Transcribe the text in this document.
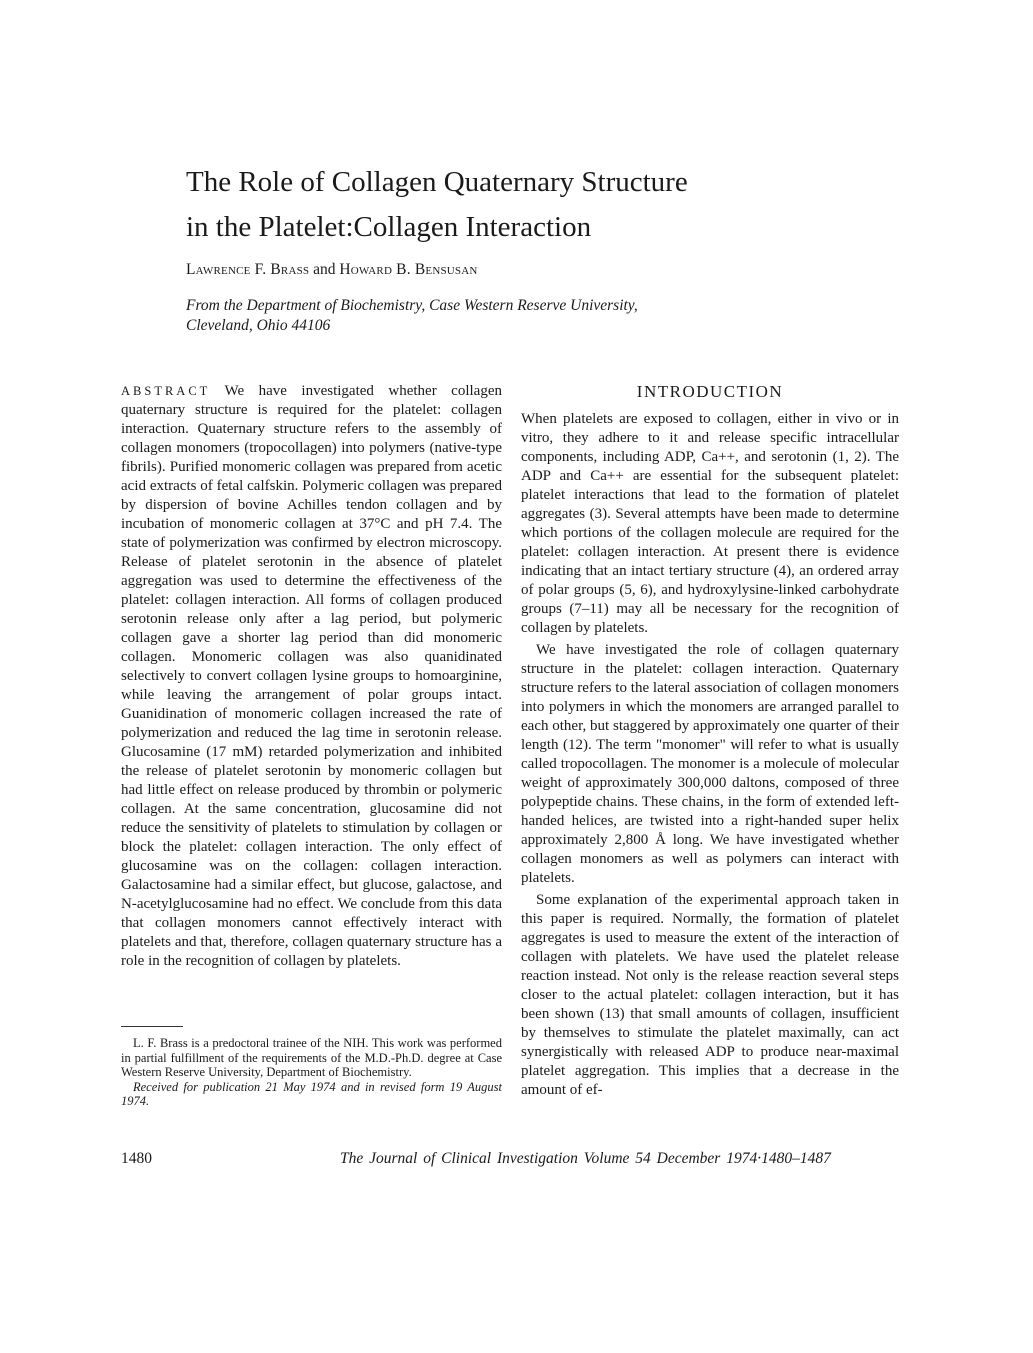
The Role of Collagen Quaternary Structure
in the Platelet:Collagen Interaction
Lawrence F. Brass and Howard B. Bensusan
From the Department of Biochemistry, Case Western Reserve University,
Cleveland, Ohio 44106

ABSTRACT We have investigated whether collagen quaternary structure is required for the platelet: collagen interaction. Quaternary structure refers to the assembly of collagen monomers (tropocollagen) into polymers (native-type fibrils). Purified monomeric collagen was prepared from acetic acid extracts of fetal calfskin. Polymeric collagen was prepared by dispersion of bovine Achilles tendon collagen and by incubation of monomeric collagen at 37°C and pH 7.4. The state of polymerization was confirmed by electron microscopy. Release of platelet serotonin in the absence of platelet aggregation was used to determine the effectiveness of the platelet: collagen interaction. All forms of collagen produced serotonin release only after a lag period, but polymeric collagen gave a shorter lag period than did monomeric collagen. Monomeric collagen was also quanidinated selectively to convert collagen lysine groups to homoarginine, while leaving the arrangement of polar groups intact. Guanidination of monomeric collagen increased the rate of polymerization and reduced the lag time in serotonin release. Glucosamine (17 mM) retarded polymerization and inhibited the release of platelet serotonin by monomeric collagen but had little effect on release produced by thrombin or polymeric collagen. At the same concentration, glucosamine did not reduce the sensitivity of platelets to stimulation by collagen or block the platelet: collagen interaction. The only effect of glucosamine was on the collagen: collagen interaction. Galactosamine had a similar effect, but glucose, galactose, and N-acetylglucosamine had no effect. We conclude from this data that collagen monomers cannot effectively interact with platelets and that, therefore, collagen quaternary structure has a role in the recognition of collagen by platelets.

L. F. Brass is a predoctoral trainee of the NIH. This work was performed in partial fulfillment of the requirements of the M.D.-Ph.D. degree at Case Western Reserve University, Department of Biochemistry.

Received for publication 21 May 1974 and in revised form 19 August 1974.

INTRODUCTION

When platelets are exposed to collagen, either in vivo or in vitro, they adhere to it and release specific intracellular components, including ADP, Ca++, and serotonin (1, 2). The ADP and Ca++ are essential for the subsequent platelet: platelet interactions that lead to the formation of platelet aggregates (3). Several attempts have been made to determine which portions of the collagen molecule are required for the platelet: collagen interaction. At present there is evidence indicating that an intact tertiary structure (4), an ordered array of polar groups (5, 6), and hydroxylysine-linked carbohydrate groups (7–11) may all be necessary for the recognition of collagen by platelets.

We have investigated the role of collagen quaternary structure in the platelet: collagen interaction. Quaternary structure refers to the lateral association of collagen monomers into polymers in which the monomers are arranged parallel to each other, but staggered by approximately one quarter of their length (12). The term "monomer" will refer to what is usually called tropocollagen. The monomer is a molecule of molecular weight of approximately 300,000 daltons, composed of three polypeptide chains. These chains, in the form of extended left-handed helices, are twisted into a right-handed super helix approximately 2,800 Å long. We have investigated whether collagen monomers as well as polymers can interact with platelets.

Some explanation of the experimental approach taken in this paper is required. Normally, the formation of platelet aggregates is used to measure the extent of the interaction of collagen with platelets. We have used the platelet release reaction instead. Not only is the release reaction several steps closer to the actual platelet: collagen interaction, but it has been shown (13) that small amounts of collagen, insufficient by themselves to stimulate the platelet maximally, can act synergistically with released ADP to produce near-maximal platelet aggregation. This implies that a decrease in the amount of ef-

1480	The Journal of Clinical Investigation Volume 54 December 1974·1480–1487
